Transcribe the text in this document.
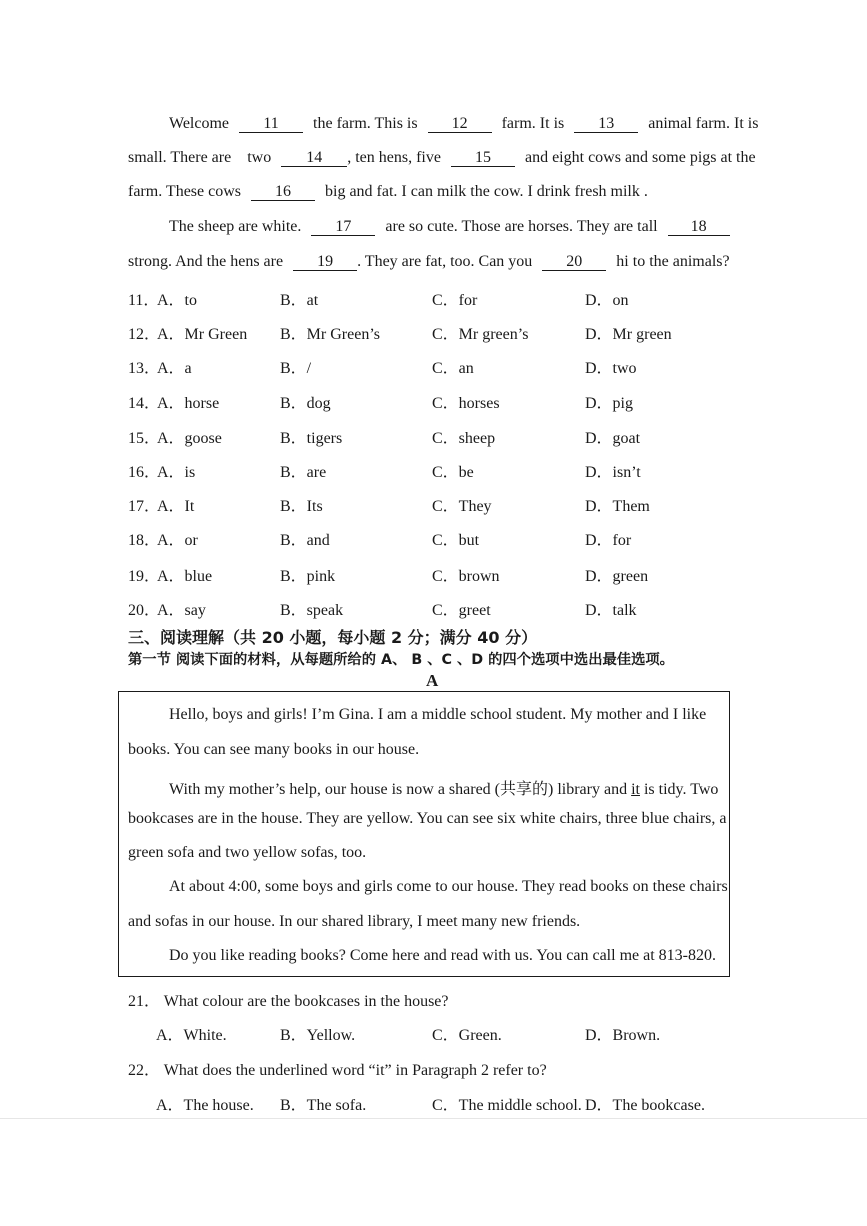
Welcome 11 the farm. This is 12 farm. It is 13 animal farm. It is
small. There are two 14 , ten hens, five 15 and eight cows and some pigs at the
farm. These cows 16 big and fat. I can milk the cow. I drink fresh milk .
The sheep are white. 17 are so cute. Those are horses. They are tall 18
strong. And the hens are 19 . They are fat, too. Can you 20 hi to the animals?
11．
A．to	B．at	C．for	D．on
12．
A．Mr Green B．Mr Green’s	C．Mr green’s	D．Mr green
13．
A．a	B．/	C．an	D．two
14．
A．horse	B．dog	C．horses	D．pig
15．
A．goose	B．tigers	C．sheep	D．goat
16．
A．is	B．are	C．be	D．isn’t
17．
A．It	B．Its	C．They	D．Them
18．
A．or	B．and	C．but	D．for
19．
A．blue	B．pink	C．brown	D．green
20．
A．say	B．speak	C．greet	D．talk
三、阅读理解（共 20 小题，每小题 2 分；满分 40 分）
第一节 阅读下面的材料，从每题所给的 A、 B 、C 、D 的四个选项中选出最佳选项。
A
Hello, boys and girls! I’m Gina. I am a middle school student. My mother and I like
books. You can see many books in our house.
With my mother’s help, our house is now a shared (共享的) library and it is tidy. Two
bookcases are in the house. They are yellow. You can see six white chairs, three blue chairs, a
green sofa and two yellow sofas, too.
At about 4:00, some boys and girls come to our house. They read books on these chairs
and sofas in our house. In our shared library, I meet many new friends.
Do you like reading books? Come here and read with us. You can call me at 813-820.
21． What colour are the bookcases in the house?
A．White.	B．Yellow.	C．Green.	D．Brown.
22． What does the underlined word “it” in Paragraph 2 refer to?
A．The house. B．The sofa.	C．The middle school. D．The bookcase.
